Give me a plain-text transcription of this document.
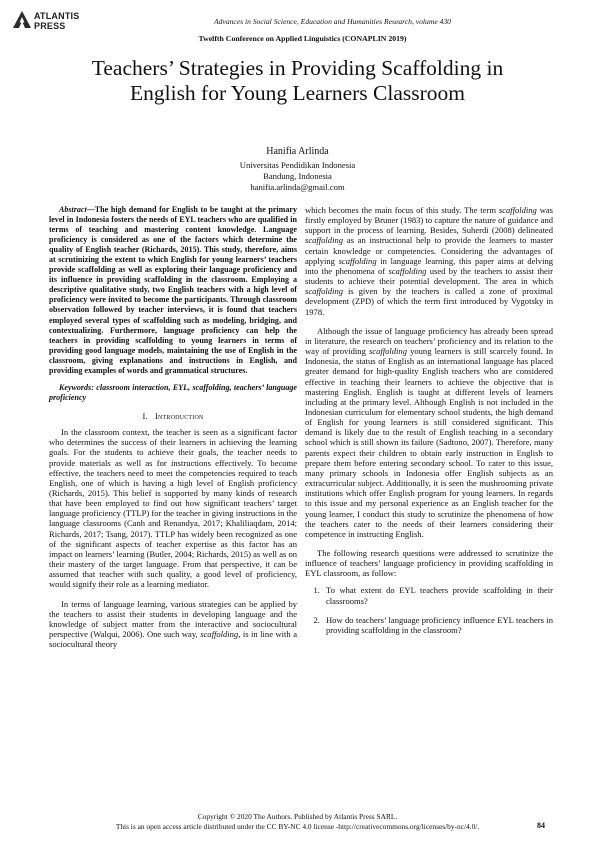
ATLANTIS
PRESS	Advances in Social Science, Education and Humanities Research, volume 430
Twelfth Conference on Applied Linguistics (CONAPLIN 2019)
Teachers’ Strategies in Providing Scaffolding in
English for Young Learners Classroom
Hanifia Arlinda
Universitas Pendidikan Indonesia
Bandung, Indonesia
hanifia.arlinda@gmail.com

Abstract—The high demand for English to be taught at the primary level in Indonesia fosters the needs of EYL teachers who are qualified in terms of teaching and mastering content knowledge. Language proficiency is considered as one of the factors which determine the quality of English teacher (Richards, 2015). This study, therefore, aims at scrutinizing the extent to which English for young learners’ teachers provide scaffolding as well as exploring their language proficiency and its influence in providing scaffolding in the classroom. Employing a descriptive qualitative study, two English teachers with a high level of proficiency were invited to become the participants. Through classroom observation followed by teacher interviews, it is found that teachers employed several types of scaffolding such as modeling, bridging, and contextualizing. Furthermore, language proficiency can help the teachers in providing scaffolding to young learners in terms of providing good language models, maintaining the use of English in the classroom, giving explanations and instructions in English, and providing examples of words and grammatical structures.

Keywords: classroom interaction, EYL, scaffolding, teachers’ language proficiency

I. Introduction

In the classroom context, the teacher is seen as a significant factor who determines the success of their learners in achieving the learning goals. For the students to achieve their goals, the teacher needs to provide materials as well as for instructions effectively. To become effective, the teachers need to meet the competencies required to teach English, one of which is having a high level of English proficiency (Richards, 2015). This belief is supported by many kinds of research that have been employed to find out how significant teachers’ target language proficiency (TTLP) for the teacher in giving instructions in the language classrooms (Canh and Renandya, 2017; Khaliliaqdam, 2014; Richards, 2017; Tsang, 2017). TTLP has widely been recognized as one of the significant aspects of teacher expertise as this factor has an impact on learners’ learning (Butler, 2004; Richards, 2015) as well as on their mastery of the target language. From that perspective, it can be assumed that teacher with such quality, a good level of proficiency, would signify their role as a learning mediator.

In terms of language learning, various strategies can be applied by the teachers to assist their students in developing language and the knowledge of subject matter from the interactive and sociocultural perspective (Walqui, 2006). One such way, scaffolding, is in line with a sociocultural theory

which becomes the main focus of this study. The term scaffolding was firstly employed by Bruner (1983) to capture the nature of guidance and support in the process of learning. Besides, Suherdi (2008) delineated scaffolding as an instructional help to provide the learners to master certain knowledge or competencies. Considering the advantages of applying scaffolding in language learning, this paper aims at delving into the phenomena of scaffolding used by the teachers to assist their students to achieve their potential development. The area in which scaffolding is given by the teachers is called a zone of proximal development (ZPD) of which the term first introduced by Vygotsky in 1978.

Although the issue of language proficiency has already been spread in literature, the research on teachers’ proficiency and its relation to the way of providing scaffolding young learners is still scarcely found. In Indonesia, the status of English as an international language has placed greater demand for high-quality English teachers who are considered effective in teaching their learners to achieve the objective that is mastering English. English is taught at different levels of learners including at the primary level. Although English is not included in the Indonesian curriculum for elementary school students, the high demand of English for young learners is still considered significant. This demand is likely due to the result of English teaching in a secondary school which is still shown its failure (Sadtono, 2007). Therefore, many parents expect their children to obtain early instruction in English to prepare them before entering secondary school. To cater to this issue, many primary schools in Indonesia offer English subjects as an extracurricular subject. Additionally, it is seen the mushrooming private institutions which offer English program for young learners. In regards to this issue and my personal experience as an English teacher for the young learner, I conduct this study to scrutinize the phenomena of how the teachers cater to the needs of their learners considering their competence in instructing English.

The following research questions were addressed to scrutinize the influence of teachers’ language proficiency in providing scaffolding in EYL classroom, as follow:

1. To what extent do EYL teachers provide scaffolding in their classrooms?
2. How do teachers’ language proficiency influence EYL teachers in providing scaffolding in the classroom?
Copyright © 2020 The Authors. Published by Atlantis Press SARL.
This is an open access article distributed under the CC BY-NC 4.0 license -http://creativecommons.org/licenses/by-nc/4.0/.	84
